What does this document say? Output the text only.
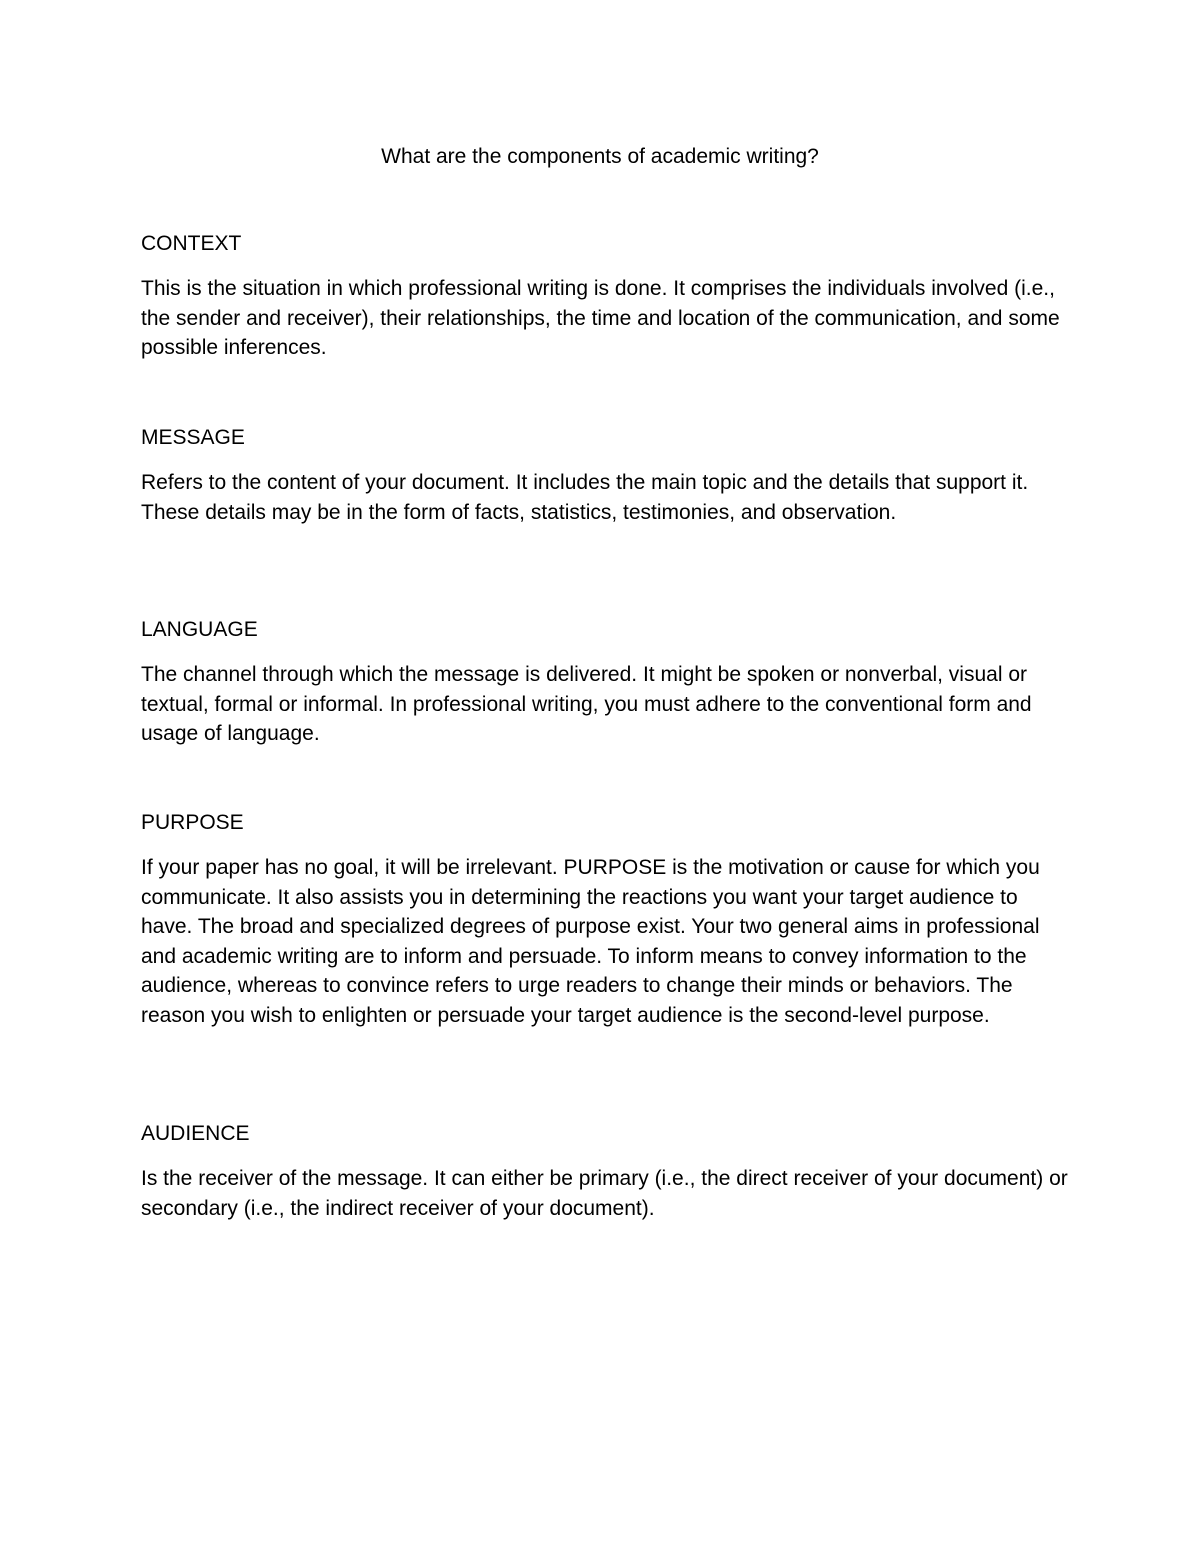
What are the components of academic writing?

CONTEXT

This is the situation in which professional writing is done. It comprises the individuals involved (i.e., the sender and receiver), their relationships, the time and location of the communication, and some possible inferences.

MESSAGE

Refers to the content of your document. It includes the main topic and the details that support it. These details may be in the form of facts, statistics, testimonies, and observation.

LANGUAGE

The channel through which the message is delivered. It might be spoken or nonverbal, visual or textual, formal or informal. In professional writing, you must adhere to the conventional form and usage of language.

PURPOSE

If your paper has no goal, it will be irrelevant. PURPOSE is the motivation or cause for which you communicate. It also assists you in determining the reactions you want your target audience to have. The broad and specialized degrees of purpose exist. Your two general aims in professional and academic writing are to inform and persuade. To inform means to convey information to the audience, whereas to convince refers to urge readers to change their minds or behaviors. The reason you wish to enlighten or persuade your target audience is the second-level purpose.

AUDIENCE

Is the receiver of the message. It can either be primary (i.e., the direct receiver of your document) or secondary (i.e., the indirect receiver of your document).
